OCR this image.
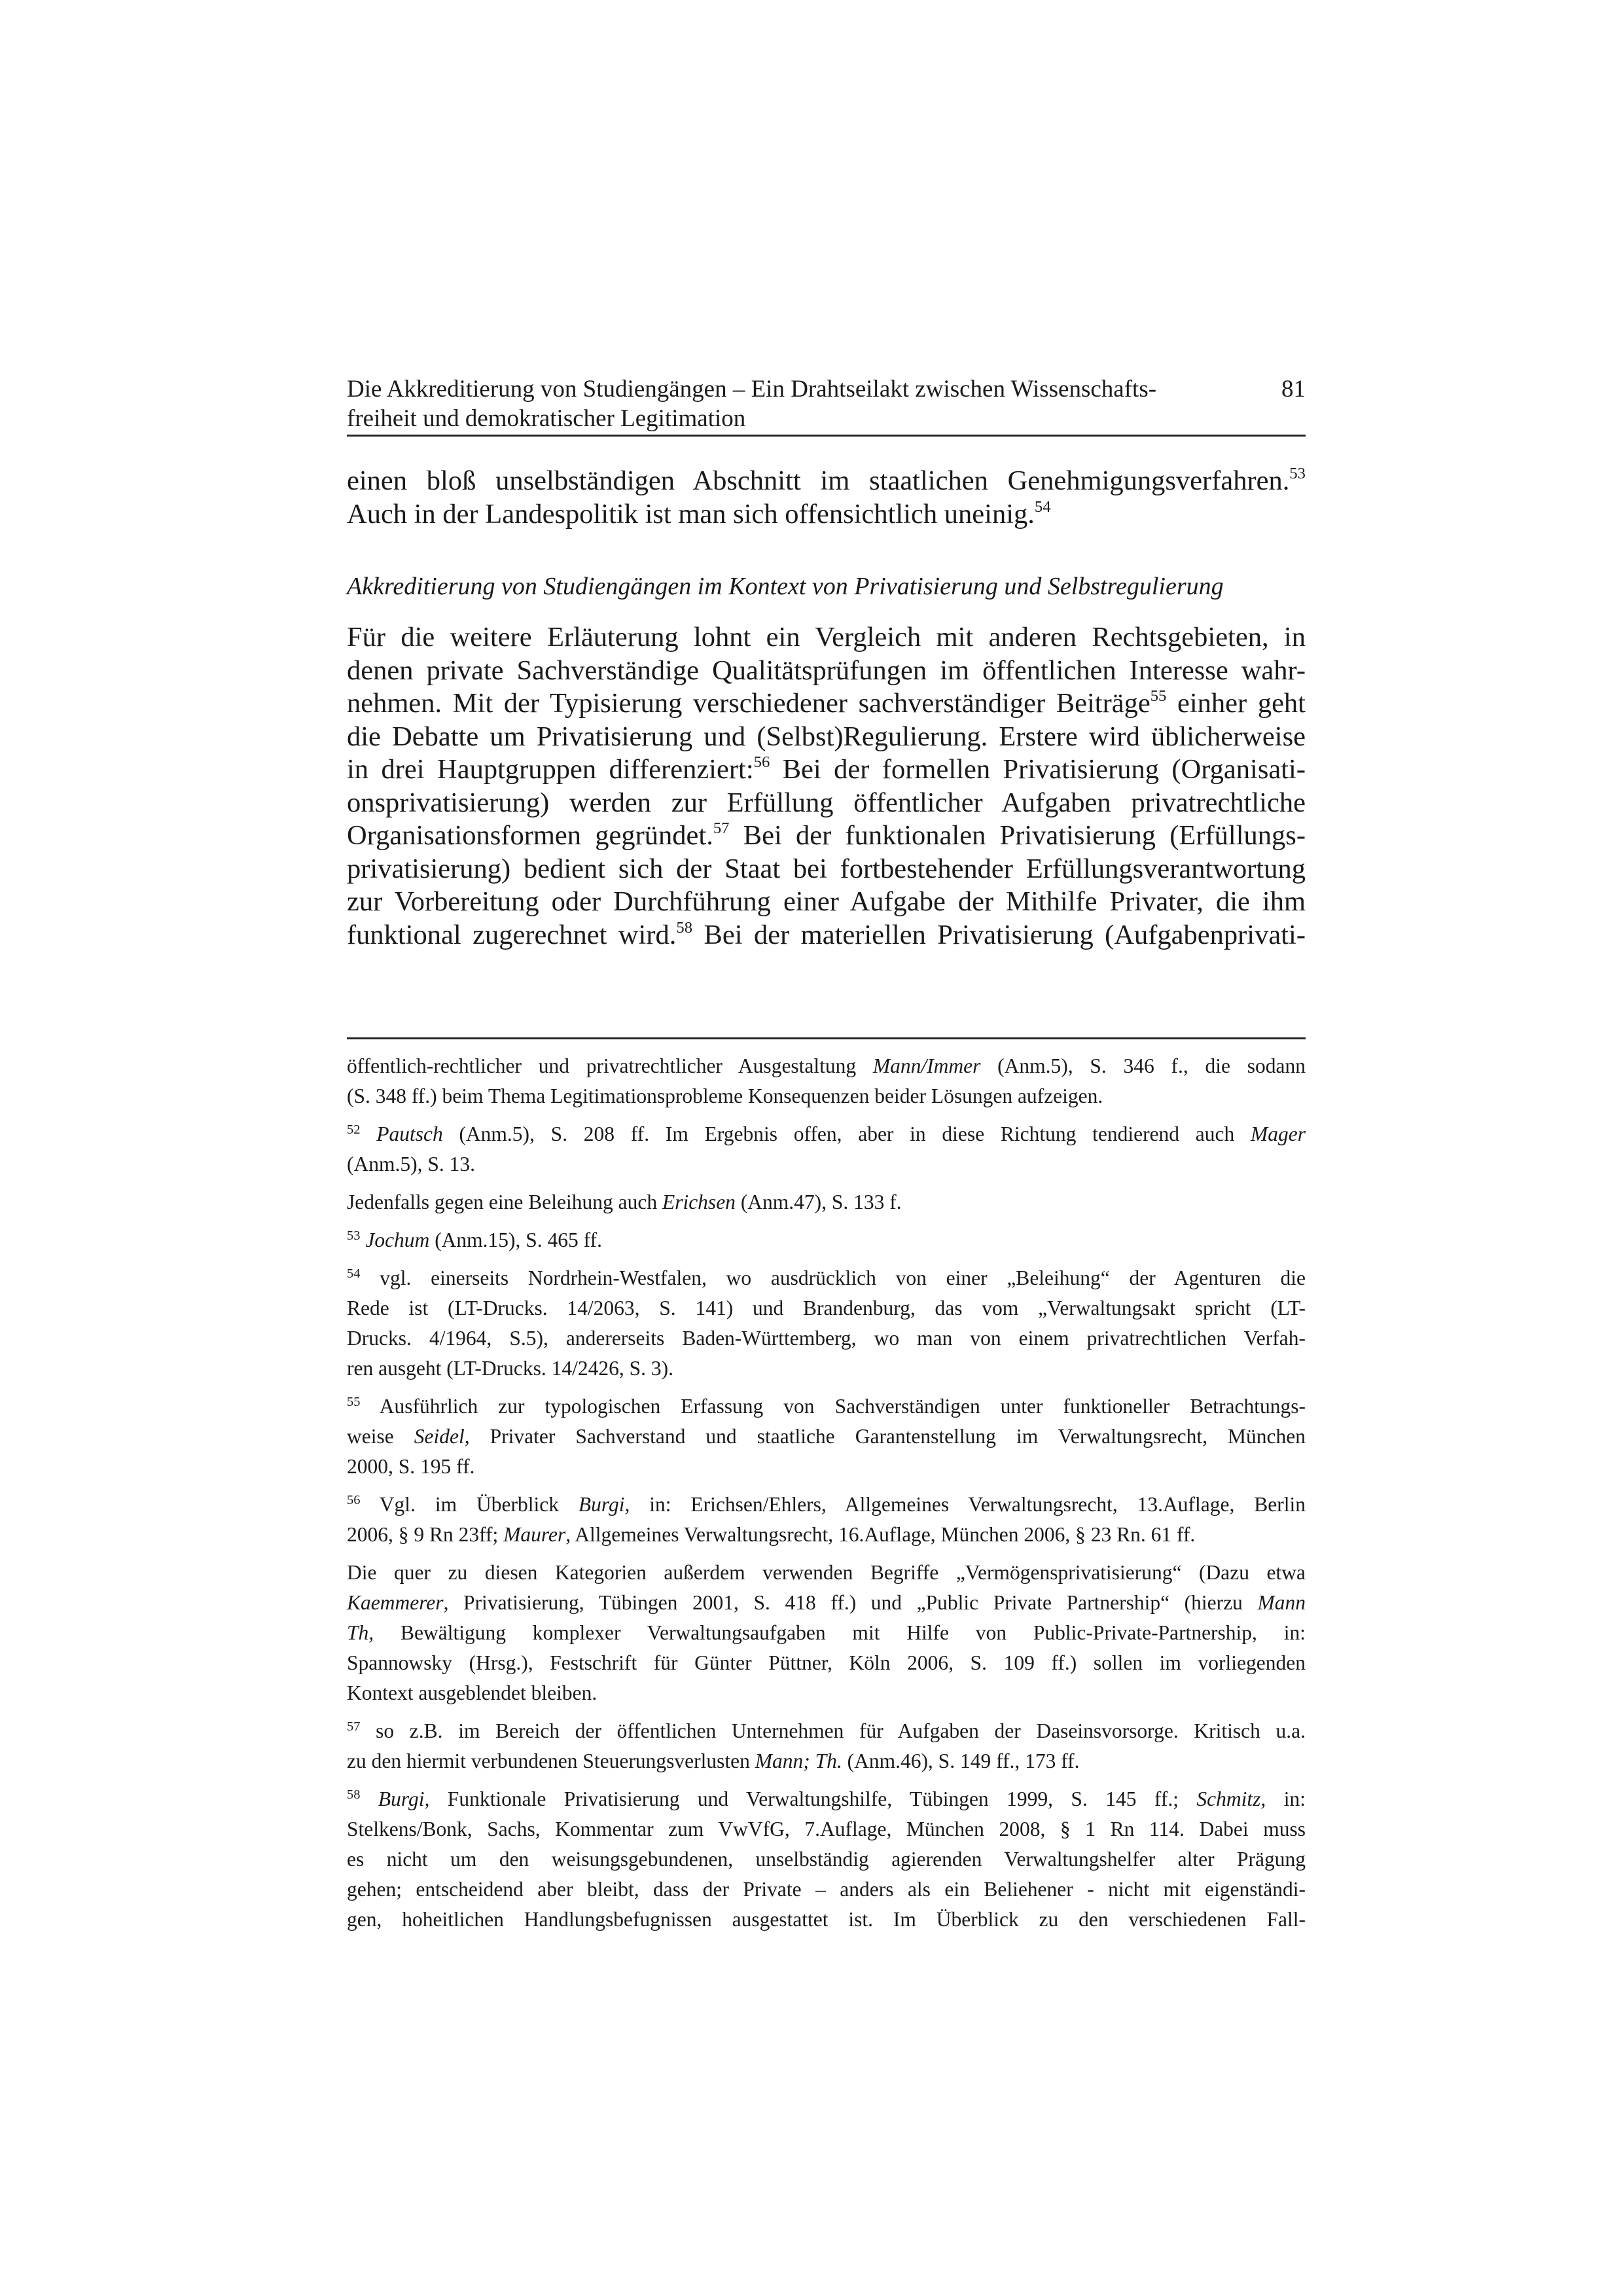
Die Akkreditierung von Studiengängen – Ein Drahtseilakt zwischen Wissenschafts-
freiheit und demokratischer Legitimation
81

einen bloß unselbständigen Abschnitt im staatlichen Genehmigungsverfahren.$^{53}$
Auch in der Landespolitik ist man sich offensichtlich uneinig.$^{54}$

Akkreditierung von Studiengängen im Kontext von Privatisierung und Selbstregulierung

Für die weitere Erläuterung lohnt ein Vergleich mit anderen Rechtsgebieten, in
denen private Sachverständige Qualitätsprüfungen im öffentlichen Interesse wahr-
nehmen. Mit der Typisierung verschiedener sachverständiger Beiträge$^{55}$ einher geht
die Debatte um Privatisierung und (Selbst)Regulierung. Erstere wird üblicherweise
in drei Hauptgruppen differenziert:$^{56}$ Bei der formellen Privatisierung (Organisati-
onsprivatisierung) werden zur Erfüllung öffentlicher Aufgaben privatrechtliche
Organisationsformen gegründet.$^{57}$ Bei der funktionalen Privatisierung (Erfüllungs-
privatisierung) bedient sich der Staat bei fortbestehender Erfüllungsverantwortung
zur Vorbereitung oder Durchführung einer Aufgabe der Mithilfe Privater, die ihm
funktional zugerechnet wird.$^{58}$ Bei der materiellen Privatisierung (Aufgabenprivati-

öffentlich-rechtlicher und privatrechtlicher Ausgestaltung Mann/Immer (Anm.5), S. 346 f., die sodann
(S. 348 ff.) beim Thema Legitimationsprobleme Konsequenzen beider Lösungen aufzeigen.
$^{52}$ Pautsch (Anm.5), S. 208 ff. Im Ergebnis offen, aber in diese Richtung tendierend auch Mager
(Anm.5), S. 13.
Jedenfalls gegen eine Beleihung auch Erichsen (Anm.47), S. 133 f.
$^{53}$ Jochum (Anm.15), S. 465 ff.
$^{54}$ vgl. einerseits Nordrhein-Westfalen, wo ausdrücklich von einer „Beleihung“ der Agenturen die
Rede ist (LT-Drucks. 14/2063, S. 141) und Brandenburg, das vom „Verwaltungsakt spricht (LT-
Drucks. 4/1964, S.5), andererseits Baden-Württemberg, wo man von einem privatrechtlichen Verfah-
ren ausgeht (LT-Drucks. 14/2426, S. 3).
$^{55}$ Ausführlich zur typologischen Erfassung von Sachverständigen unter funktioneller Betrachtungs-
weise Seidel, Privater Sachverstand und staatliche Garantenstellung im Verwaltungsrecht, München
2000, S. 195 ff.
$^{56}$ Vgl. im Überblick Burgi, in: Erichsen/Ehlers, Allgemeines Verwaltungsrecht, 13.Auflage, Berlin
2006, § 9 Rn 23ff; Maurer, Allgemeines Verwaltungsrecht, 16.Auflage, München 2006, § 23 Rn. 61 ff.
Die quer zu diesen Kategorien außerdem verwenden Begriffe „Vermögensprivatisierung“ (Dazu etwa
Kaemmerer, Privatisierung, Tübingen 2001, S. 418 ff.) und „Public Private Partnership“ (hierzu Mann
Th, Bewältigung komplexer Verwaltungsaufgaben mit Hilfe von Public-Private-Partnership, in:
Spannowsky (Hrsg.), Festschrift für Günter Püttner, Köln 2006, S. 109 ff.) sollen im vorliegenden
Kontext ausgeblendet bleiben.
$^{57}$ so z.B. im Bereich der öffentlichen Unternehmen für Aufgaben der Daseinsvorsorge. Kritisch u.a.
zu den hiermit verbundenen Steuerungsverlusten Mann; Th. (Anm.46), S. 149 ff., 173 ff.
$^{58}$ Burgi, Funktionale Privatisierung und Verwaltungshilfe, Tübingen 1999, S. 145 ff.; Schmitz, in:
Stelkens/Bonk, Sachs, Kommentar zum VwVfG, 7.Auflage, München 2008, § 1 Rn 114. Dabei muss
es nicht um den weisungsgebundenen, unselbständig agierenden Verwaltungshelfer alter Prägung
gehen; entscheidend aber bleibt, dass der Private – anders als ein Beliehener - nicht mit eigenständi-
gen, hoheitlichen Handlungsbefugnissen ausgestattet ist. Im Überblick zu den verschiedenen Fall-
